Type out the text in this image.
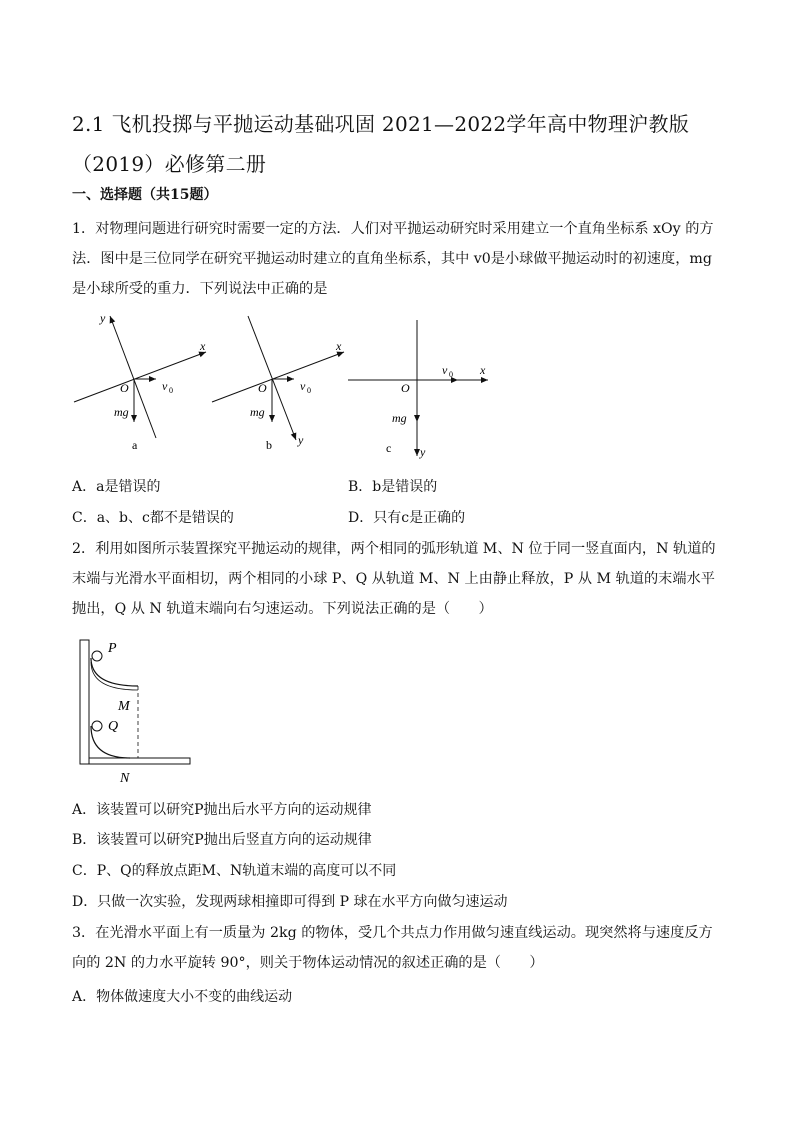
2.1 飞机投掷与平抛运动基础巩固 2021—2022学年高中物理沪教版（2019）必修第二册
一、选择题（共15题）
1．对物理问题进行研究时需要一定的方法．人们对平抛运动研究时采用建立一个直角坐标系 xOy 的方法．图中是三位同学在研究平抛运动时建立的直角坐标系，其中 v0是小球做平抛运动时的初速度，mg是小球所受的重力．下列说法中正确的是
x
y
O	v 0
mg
a
x
y
O	v 0
mg
b
x
y
O
v 0
mg
c
A．a是错误的	B．b是错误的
C．a、b、c都不是错误的	D．只有c是正确的
2．利用如图所示装置探究平抛运动的规律，两个相同的弧形轨道 M、N 位于同一竖直面内，N 轨道的末端与光滑水平面相切，两个相同的小球 P、Q 从轨道 M、N 上由静止释放，P 从 M 轨道的末端水平抛出，Q 从 N 轨道末端向右匀速运动。下列说法正确的是（　　）
P
M
Q
N
A．该装置可以研究P抛出后水平方向的运动规律
B．该装置可以研究P抛出后竖直方向的运动规律
C．P、Q的释放点距M、N轨道末端的高度可以不同
D．只做一次实验，发现两球相撞即可得到 P 球在水平方向做匀速运动
3．在光滑水平面上有一质量为 2kg 的物体，受几个共点力作用做匀速直线运动。现突然将与速度反方向的 2N 的力水平旋转 90°，则关于物体运动情况的叙述正确的是（　　）
A．物体做速度大小不变的曲线运动
